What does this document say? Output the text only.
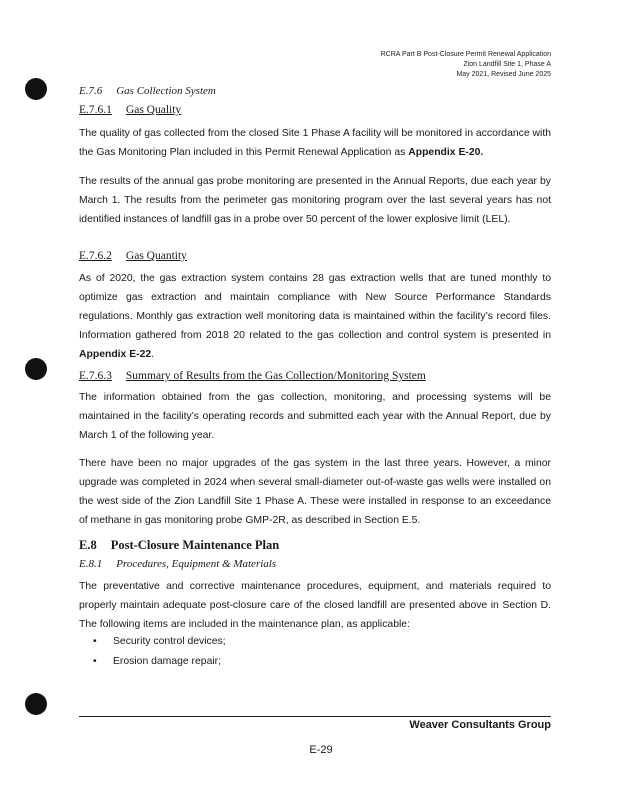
RCRA Part B Post-Closure Permit Renewal Application
Zion Landfill Site 1, Phase A
May 2021, Revised June 2025
E.7.6 Gas Collection System
E.7.6.1 Gas Quality
The quality of gas collected from the closed Site 1 Phase A facility will be monitored in accordance with the Gas Monitoring Plan included in this Permit Renewal Application as Appendix E-20.
The results of the annual gas probe monitoring are presented in the Annual Reports, due each year by March 1. The results from the perimeter gas monitoring program over the last several years has not identified instances of landfill gas in a probe over 50 percent of the lower explosive limit (LEL).
E.7.6.2 Gas Quantity
As of 2020, the gas extraction system contains 28 gas extraction wells that are tuned monthly to optimize gas extraction and maintain compliance with New Source Performance Standards regulations. Monthly gas extraction well monitoring data is maintained within the facility’s record files. Information gathered from 2018 20 related to the gas collection and control system is presented in Appendix E-22.
E.7.6.3 Summary of Results from the Gas Collection/Monitoring System
The information obtained from the gas collection, monitoring, and processing systems will be maintained in the facility’s operating records and submitted each year with the Annual Report, due by March 1 of the following year.
There have been no major upgrades of the gas system in the last three years. However, a minor upgrade was completed in 2024 when several small-diameter out-of-waste gas wells were installed on the west side of the Zion Landfill Site 1 Phase A. These were installed in response to an exceedance of methane in gas monitoring probe GMP-2R, as described in Section E.5.
E.8 Post-Closure Maintenance Plan
E.8.1 Procedures, Equipment & Materials
The preventative and corrective maintenance procedures, equipment, and materials required to properly maintain adequate post-closure care of the closed landfill are presented above in Section D. The following items are included in the maintenance plan, as applicable:
• Security control devices;
• Erosion damage repair;
Weaver Consultants Group
E-29
